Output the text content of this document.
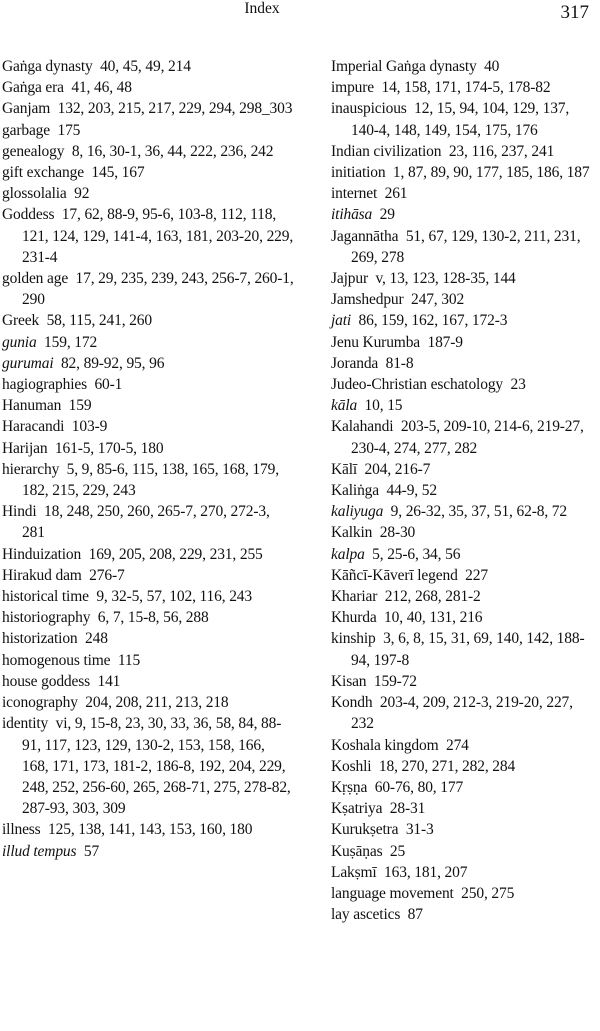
Index	317

Gaṅga dynasty 40, 45, 49, 214

Gaṅga era 41, 46, 48

Ganjam 132, 203, 215, 217, 229, 294, 298_303

garbage 175

genealogy 8, 16, 30-1, 36, 44, 222, 236, 242

gift exchange 145, 167

glossolalia 92

Goddess 17, 62, 88-9, 95-6, 103-8, 112, 118, 121, 124, 129, 141-4, 163, 181, 203-20, 229, 231-4

golden age 17, 29, 235, 239, 243, 256-7, 260-1, 290

Greek 58, 115, 241, 260

gunia 159, 172

gurumai 82, 89-92, 95, 96

hagiographies 60-1

Hanuman 159

Haracandi 103-9

Harijan 161-5, 170-5, 180

hierarchy 5, 9, 85-6, 115, 138, 165, 168, 179, 182, 215, 229, 243

Hindi 18, 248, 250, 260, 265-7, 270, 272-3, 281

Hinduization 169, 205, 208, 229, 231, 255

Hirakud dam 276-7

historical time 9, 32-5, 57, 102, 116, 243

historiography 6, 7, 15-8, 56, 288

historization 248

homogenous time 115

house goddess 141

iconography 204, 208, 211, 213, 218

identity vi, 9, 15-8, 23, 30, 33, 36, 58, 84, 88-91, 117, 123, 129, 130-2, 153, 158, 166, 168, 171, 173, 181-2, 186-8, 192, 204, 229, 248, 252, 256-60, 265, 268-71, 275, 278-82, 287-93, 303, 309

illness 125, 138, 141, 143, 153, 160, 180

illud tempus 57

Imperial Gaṅga dynasty 40

impure 14, 158, 171, 174-5, 178-82

inauspicious 12, 15, 94, 104, 129, 137, 140-4, 148, 149, 154, 175, 176

Indian civilization 23, 116, 237, 241

initiation 1, 87, 89, 90, 177, 185, 186, 187

internet 261

itihāsa 29

Jagannātha 51, 67, 129, 130-2, 211, 231, 269, 278

Jajpur v, 13, 123, 128-35, 144

Jamshedpur 247, 302

jati 86, 159, 162, 167, 172-3

Jenu Kurumba 187-9

Joranda 81-8

Judeo-Christian eschatology 23

kāla 10, 15

Kalahandi 203-5, 209-10, 214-6, 219-27, 230-4, 274, 277, 282

Kālī 204, 216-7

Kaliṅga 44-9, 52

kaliyuga 9, 26-32, 35, 37, 51, 62-8, 72

Kalkin 28-30

kalpa 5, 25-6, 34, 56

Kāñcī-Kāverī legend 227

Khariar 212, 268, 281-2

Khurda 10, 40, 131, 216

kinship 3, 6, 8, 15, 31, 69, 140, 142, 188-94, 197-8

Kisan 159-72

Kondh 203-4, 209, 212-3, 219-20, 227, 232

Koshala kingdom 274

Koshli 18, 270, 271, 282, 284

Kṛṣṇa 60-76, 80, 177

Kṣatriya 28-31

Kurukṣetra 31-3

Kuṣāṇas 25

Lakṣmī 163, 181, 207

language movement 250, 275

lay ascetics 87
